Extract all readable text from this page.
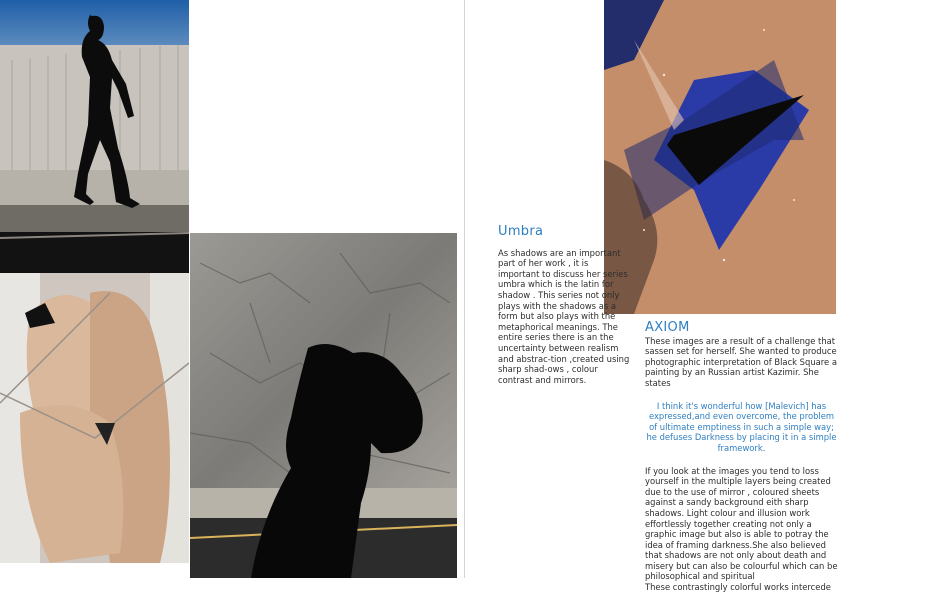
Umbra

As shadows are an important part of her work , it is important to discuss her series umbra which is the latin for shadow . This series not only plays with the shadows as a form but also plays with the metaphorical meanings. The entire series there is an the uncertainty between realism and abstrac-tion ,created using sharp shad-ows , colour contrast and mirrors.

AXIOM

These images are a result of a challenge that sassen set for herself. She wanted to produce photographic interpretation of Black Square a painting by an Russian artist Kazimir. She states

I think it's wonderful how [Malevich] has expressed,and even overcome, the problem of ultimate emptiness in such a simple way; he defuses Darkness by placing it in a simple framework.

If you look at the images you tend to loss yourself in the multiple layers being created due to the use of mirror , coloured sheets against a sandy background eith sharp shadows. Light colour and illusion work effortlessly together creating not only a graphic image but also is able to potray the idea of framing darkness.She also believed that shadows are not only about death and misery but can also be colourful which can be philosophical and spiritual

These contrastingly colorful works intercede
